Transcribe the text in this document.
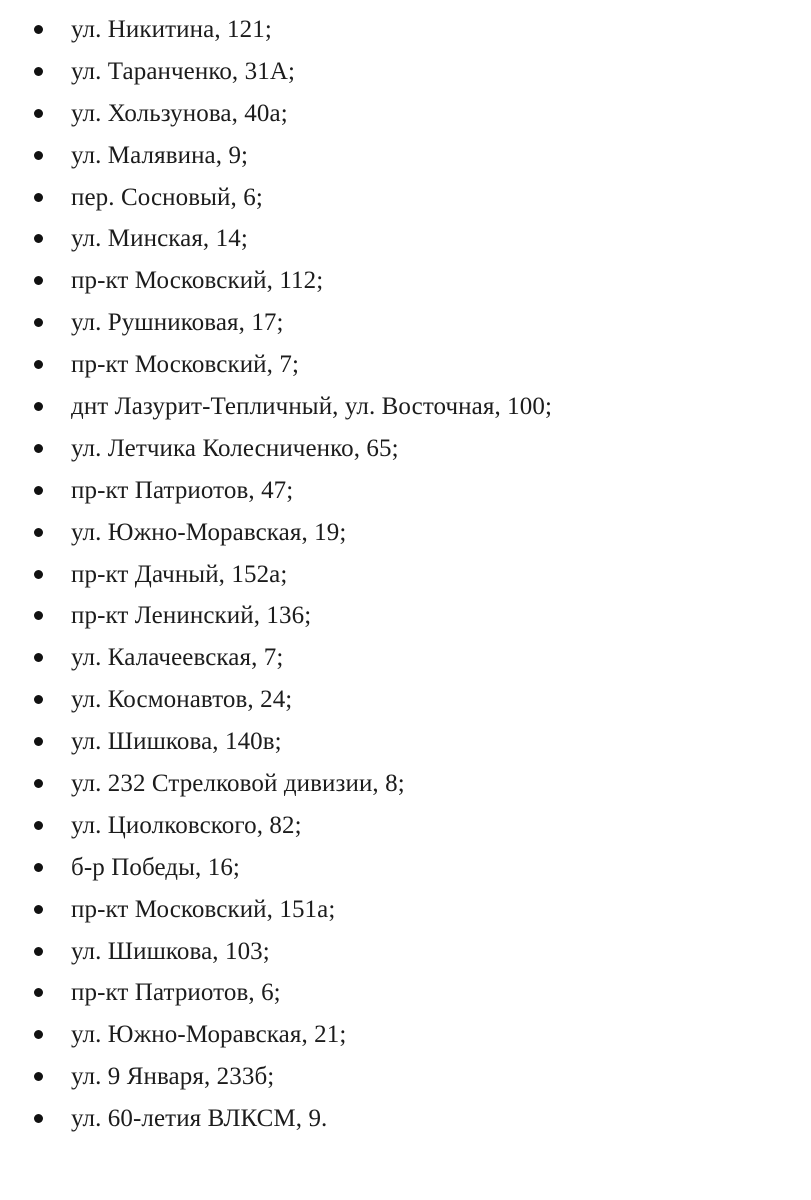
ул. Никитина, 121;
ул. Таранченко, 31А;
ул. Хользунова, 40а;
ул. Малявина, 9;
пер. Сосновый, 6;
ул. Минская, 14;
пр-кт Московский, 112;
ул. Рушниковая, 17;
пр-кт Московский, 7;
днт Лазурит-Тепличный, ул. Восточная, 100;
ул. Летчика Колесниченко, 65;
пр-кт Патриотов, 47;
ул. Южно-Моравская, 19;
пр-кт Дачный, 152а;
пр-кт Ленинский, 136;
ул. Калачеевская, 7;
ул. Космонавтов, 24;
ул. Шишкова, 140в;
ул. 232 Стрелковой дивизии, 8;
ул. Циолковского, 82;
б-р Победы, 16;
пр-кт Московский, 151а;
ул. Шишкова, 103;
пр-кт Патриотов, 6;
ул. Южно-Моравская, 21;
ул. 9 Января, 233б;
ул. 60-летия ВЛКСМ, 9.
